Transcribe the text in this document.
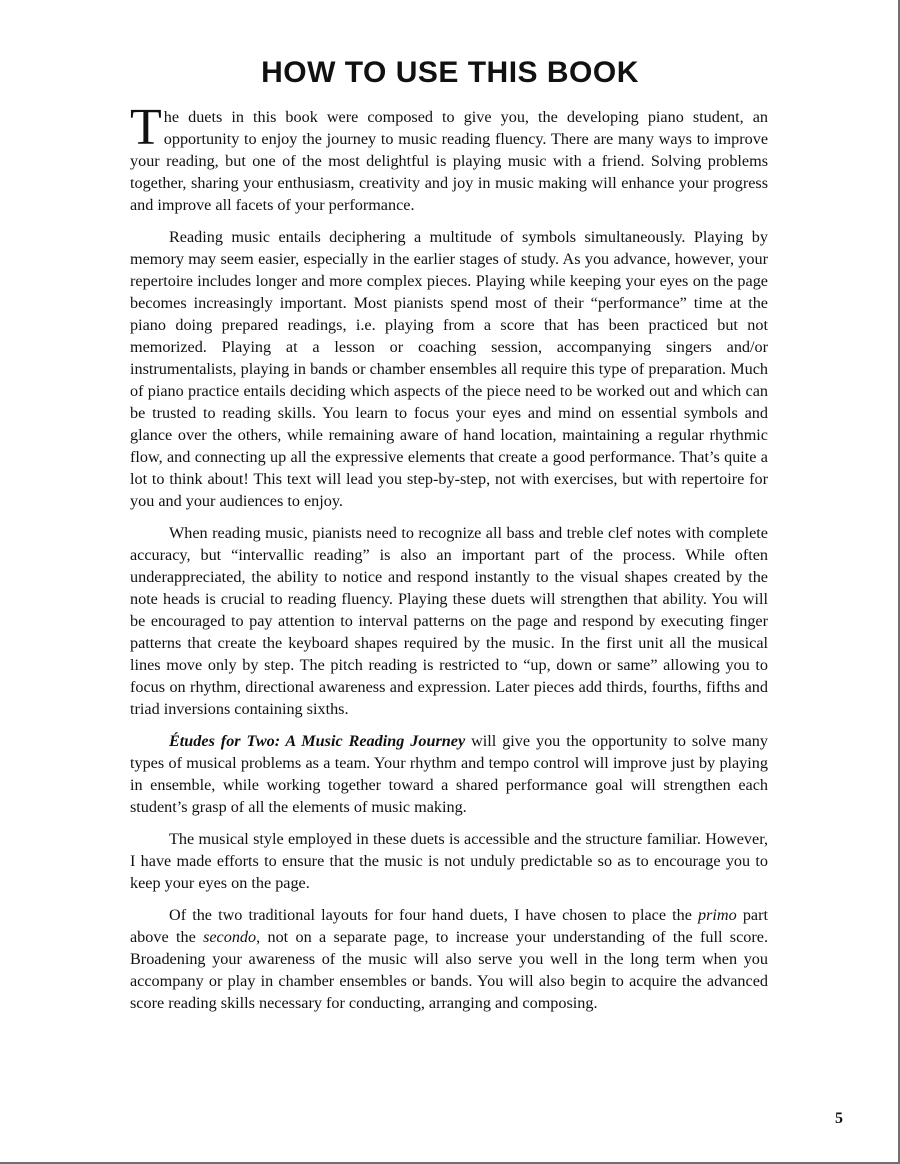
HOW TO USE THIS BOOK

The duets in this book were composed to give you, the developing piano student, an opportunity to enjoy the journey to music reading fluency. There are many ways to improve your reading, but one of the most delightful is playing music with a friend. Solving problems together, sharing your enthusiasm, creativity and joy in music making will enhance your progress and improve all facets of your performance.

Reading music entails deciphering a multitude of symbols simultaneously. Playing by memory may seem easier, especially in the earlier stages of study. As you advance, however, your repertoire includes longer and more complex pieces. Playing while keeping your eyes on the page becomes increasingly important. Most pianists spend most of their “performance” time at the piano doing prepared readings, i.e. playing from a score that has been practiced but not memorized. Playing at a lesson or coaching session, accompanying singers and/or instrumentalists, playing in bands or chamber ensembles all require this type of preparation. Much of piano practice entails deciding which aspects of the piece need to be worked out and which can be trusted to reading skills. You learn to focus your eyes and mind on essential symbols and glance over the others, while remaining aware of hand location, maintaining a regular rhythmic flow, and connecting up all the expressive elements that create a good performance. That’s quite a lot to think about! This text will lead you step-by-step, not with exercises, but with repertoire for you and your audiences to enjoy.

When reading music, pianists need to recognize all bass and treble clef notes with complete accuracy, but “intervallic reading” is also an important part of the process. While often underappreciated, the ability to notice and respond instantly to the visual shapes created by the note heads is crucial to reading fluency. Playing these duets will strengthen that ability. You will be encouraged to pay attention to interval patterns on the page and respond by executing finger patterns that create the keyboard shapes required by the music. In the first unit all the musical lines move only by step. The pitch reading is restricted to “up, down or same” allowing you to focus on rhythm, directional awareness and expression. Later pieces add thirds, fourths, fifths and triad inversions containing sixths.

Études for Two: A Music Reading Journey will give you the opportunity to solve many types of musical problems as a team. Your rhythm and tempo control will improve just by playing in ensemble, while working together toward a shared performance goal will strengthen each student’s grasp of all the elements of music making.

The musical style employed in these duets is accessible and the structure familiar. However, I have made efforts to ensure that the music is not unduly predictable so as to encourage you to keep your eyes on the page.

Of the two traditional layouts for four hand duets, I have chosen to place the primo part above the secondo, not on a separate page, to increase your understanding of the full score. Broadening your awareness of the music will also serve you well in the long term when you accompany or play in chamber ensembles or bands. You will also begin to acquire the advanced score reading skills necessary for conducting, arranging and composing.

5
